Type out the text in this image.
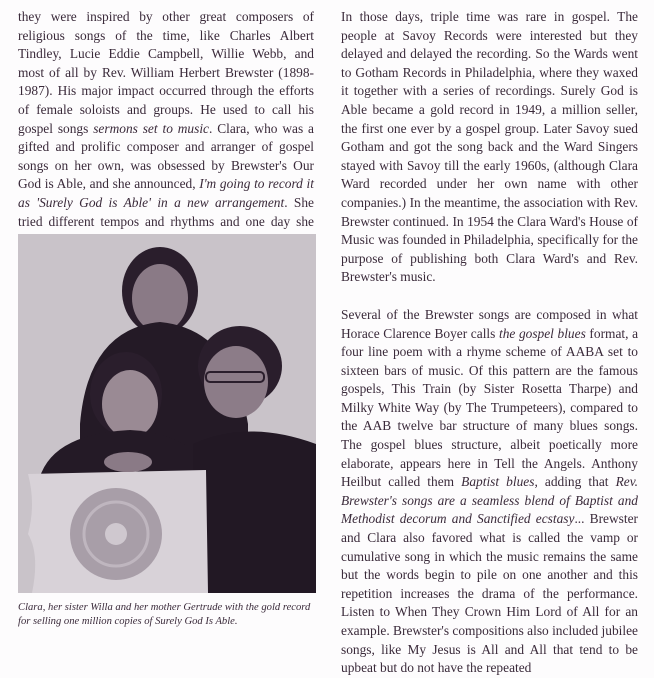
they were inspired by other great composers of religious songs of the time, like Charles Albert Tindley, Lucie Eddie Campbell, Willie Webb, and most of all by Rev. William Herbert Brewster (1898-1987). His major impact occurred through the efforts of female soloists and groups. He used to call his gospel songs sermons set to music. Clara, who was a gifted and prolific composer and arranger of gospel songs on her own, was obsessed by Brewster's Our God is Able, and she announced, I'm going to record it as 'Surely God is Able' in a new arrangement. She tried different tempos and rhythms and one day she

Clara, her sister Willa and her mother Gertrude with the gold record for selling one million copies of Surely God Is Able.

In those days, triple time was rare in gospel. The people at Savoy Records were interested but they delayed and delayed the recording. So the Wards went to Gotham Records in Philadelphia, where they waxed it together with a series of recordings. Surely God is Able became a gold record in 1949, a million seller, the first one ever by a gospel group. Later Savoy sued Gotham and got the song back and the Ward Singers stayed with Savoy till the early 1960s, (although Clara Ward recorded under her own name with other companies.) In the meantime, the association with Rev. Brewster continued. In 1954 the Clara Ward's House of Music was founded in Philadelphia, specifically for the purpose of publishing both Clara Ward's and Rev. Brewster's music.

Several of the Brewster songs are composed in what Horace Clarence Boyer calls the gospel blues format, a four line poem with a rhyme scheme of AABA set to sixteen bars of music. Of this pattern are the famous gospels, This Train (by Sister Rosetta Tharpe) and Milky White Way (by The Trumpeteers), compared to the AAB twelve bar structure of many blues songs. The gospel blues structure, albeit poetically more elaborate, appears here in Tell the Angels. Anthony Heilbut called them Baptist blues, adding that Rev. Brewster's songs are a seamless blend of Baptist and Methodist decorum and Sanctified ecstasy... Brewster and Clara also favored what is called the vamp or cumulative song in which the music remains the same but the words begin to pile on one another and this repetition increases the drama of the performance. Listen to When They Crown Him Lord of All for an example. Brewster's compositions also included jubilee songs, like My Jesus is All and All that tend to be upbeat but do not have the repeated
